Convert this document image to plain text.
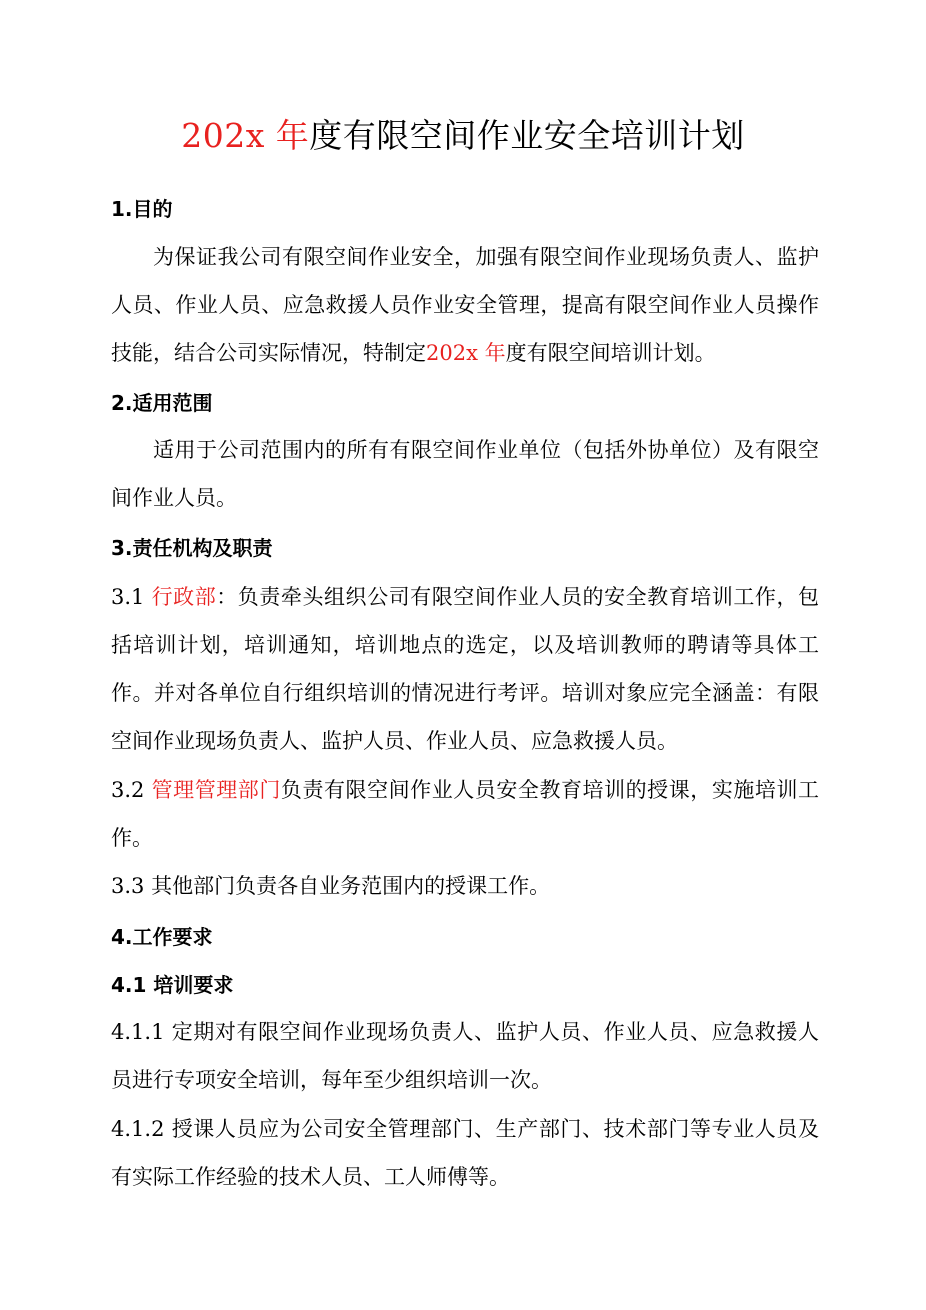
202x 年度有限空间作业安全培训计划
1.目的

为保证我公司有限空间作业安全，加强有限空间作业现场负责人、监护人员、作业人员、应急救援人员作业安全管理，提高有限空间作业人员操作技能，结合公司实际情况，特制定202x 年度有限空间培训计划。

2.适用范围

适用于公司范围内的所有有限空间作业单位（包括外协单位）及有限空间作业人员。

3.责任机构及职责

3.1 行政部：负责牵头组织公司有限空间作业人员的安全教育培训工作，包括培训计划，培训通知，培训地点的选定，以及培训教师的聘请等具体工作。并对各单位自行组织培训的情况进行考评。培训对象应完全涵盖：有限空间作业现场负责人、监护人员、作业人员、应急救援人员。

3.2 管理管理部门负责有限空间作业人员安全教育培训的授课，实施培训工作。

3.3 其他部门负责各自业务范围内的授课工作。

4.工作要求
4.1 培训要求

4.1.1 定期对有限空间作业现场负责人、监护人员、作业人员、应急救援人员进行专项安全培训，每年至少组织培训一次。

4.1.2 授课人员应为公司安全管理部门、生产部门、技术部门等专业人员及有实际工作经验的技术人员、工人师傅等。
